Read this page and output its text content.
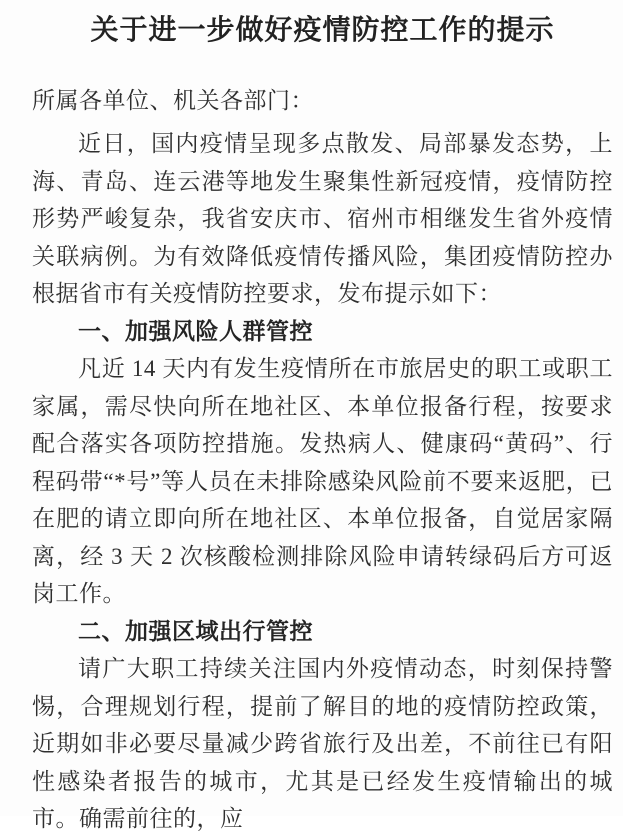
关于进一步做好疫情防控工作的提示

所属各单位、机关各部门：

近日，国内疫情呈现多点散发、局部暴发态势，上海、青岛、连云港等地发生聚集性新冠疫情，疫情防控形势严峻复杂，我省安庆市、宿州市相继发生省外疫情关联病例。为有效降低疫情传播风险，集团疫情防控办根据省市有关疫情防控要求，发布提示如下：

一、加强风险人群管控

凡近 14 天内有发生疫情所在市旅居史的职工或职工家属，需尽快向所在地社区、本单位报备行程，按要求配合落实各项防控措施。发热病人、健康码“黄码”、行程码带“*号”等人员在未排除感染风险前不要来返肥，已在肥的请立即向所在地社区、本单位报备，自觉居家隔离，经 3 天 2 次核酸检测排除风险申请转绿码后方可返岗工作。

二、加强区域出行管控

请广大职工持续关注国内外疫情动态，时刻保持警惕，合理规划行程，提前了解目的地的疫情防控政策，近期如非必要尽量减少跨省旅行及出差，不前往已有阳性感染者报告的城市，尤其是已经发生疫情输出的城市。确需前往的，应
